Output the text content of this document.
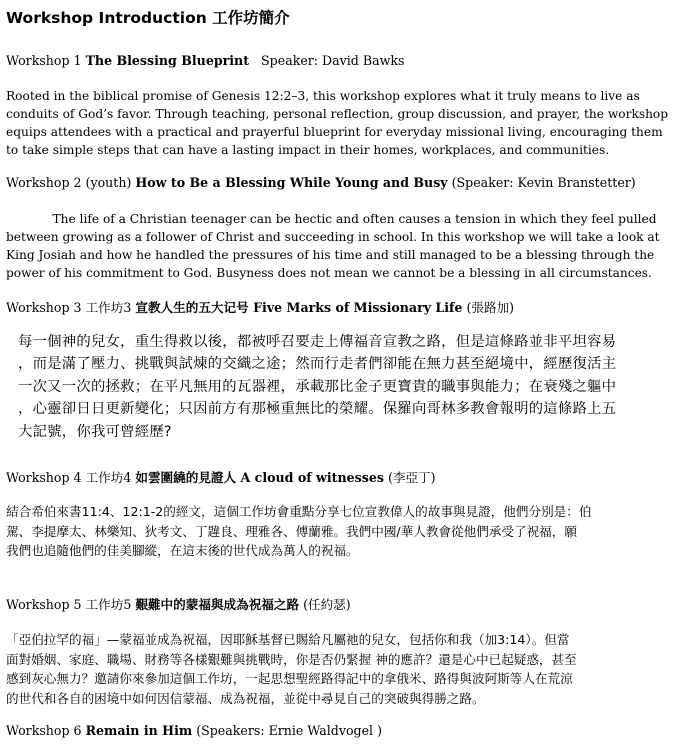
Workshop Introduction 工作坊簡介

Workshop 1 The Blessing Blueprint   Speaker: David Bawks

Rooted in the biblical promise of Genesis 12:2–3, this workshop explores what it truly means to live as
conduits of God’s favor. Through teaching, personal reflection, group discussion, and prayer, the workshop
equips attendees with a practical and prayerful blueprint for everyday missional living, encouraging them
to take simple steps that can have a lasting impact in their homes, workplaces, and communities.

Workshop 2 (youth) How to Be a Blessing While Young and Busy (Speaker: Kevin Branstetter)

The life of a Christian teenager can be hectic and often causes a tension in which they feel pulled
between growing as a follower of Christ and succeeding in school. In this workshop we will take a look at
King Josiah and how he handled the pressures of his time and still managed to be a blessing through the
power of his commitment to God. Busyness does not mean we cannot be a blessing in all circumstances.

Workshop 3 工作坊3 宣教人生的五大记号 Five Marks of Missionary Life (張路加)

每一個神的兒女，重生得救以後，都被呼召要走上傳福音宣教之路，但是這條路並非平坦容易
，而是滿了壓力、挑戰與試煉的交織之途；然而行走者們卻能在無力甚至絕境中，經歷復活主
一次又一次的拯救；在平凡無用的瓦器裡，承載那比金子更寶貴的職事與能力；在衰殘之軀中
，心靈卻日日更新變化；只因前方有那極重無比的榮耀。保羅向哥林多教會報明的這條路上五
大記號，你我可曾經歷?

Workshop 4 工作坊4 如雲圍繞的見證人 A cloud of witnesses (李亞丁)

結合希伯來書11:4、12:1-2的經文，這個工作坊會重點分享七位宣教偉人的故事與見證，他們分別是：伯
駕、李提摩太、林樂知、狄考文、丁韙良、理雅各、傅蘭雅。我們中國/華人教會從他們承受了祝福，願
我們也追隨他們的佳美腳縱，在這末後的世代成為萬人的祝福。

Workshop 5 工作坊5 艱難中的蒙福與成為祝福之路 (任約瑟)

「亞伯拉罕的福」—蒙福並成為祝福，因耶穌基督已賜給凡屬祂的兒女，包括你和我（加3:14）。但當
面對婚姻、家庭、職場、財務等各樣艱難與挑戰時，你是否仍緊握 神的應許？還是心中已起疑惑，甚至
感到灰心無力？邀請你來參加這個工作坊，一起思想聖經路得記中的拿俄米、路得與波阿斯等人在荒涼
的世代和各自的困境中如何因信蒙福、成為祝福，並從中尋見自己的突破與得勝之路。

Workshop 6 Remain in Him (Speakers: Ernie Waldvogel )
